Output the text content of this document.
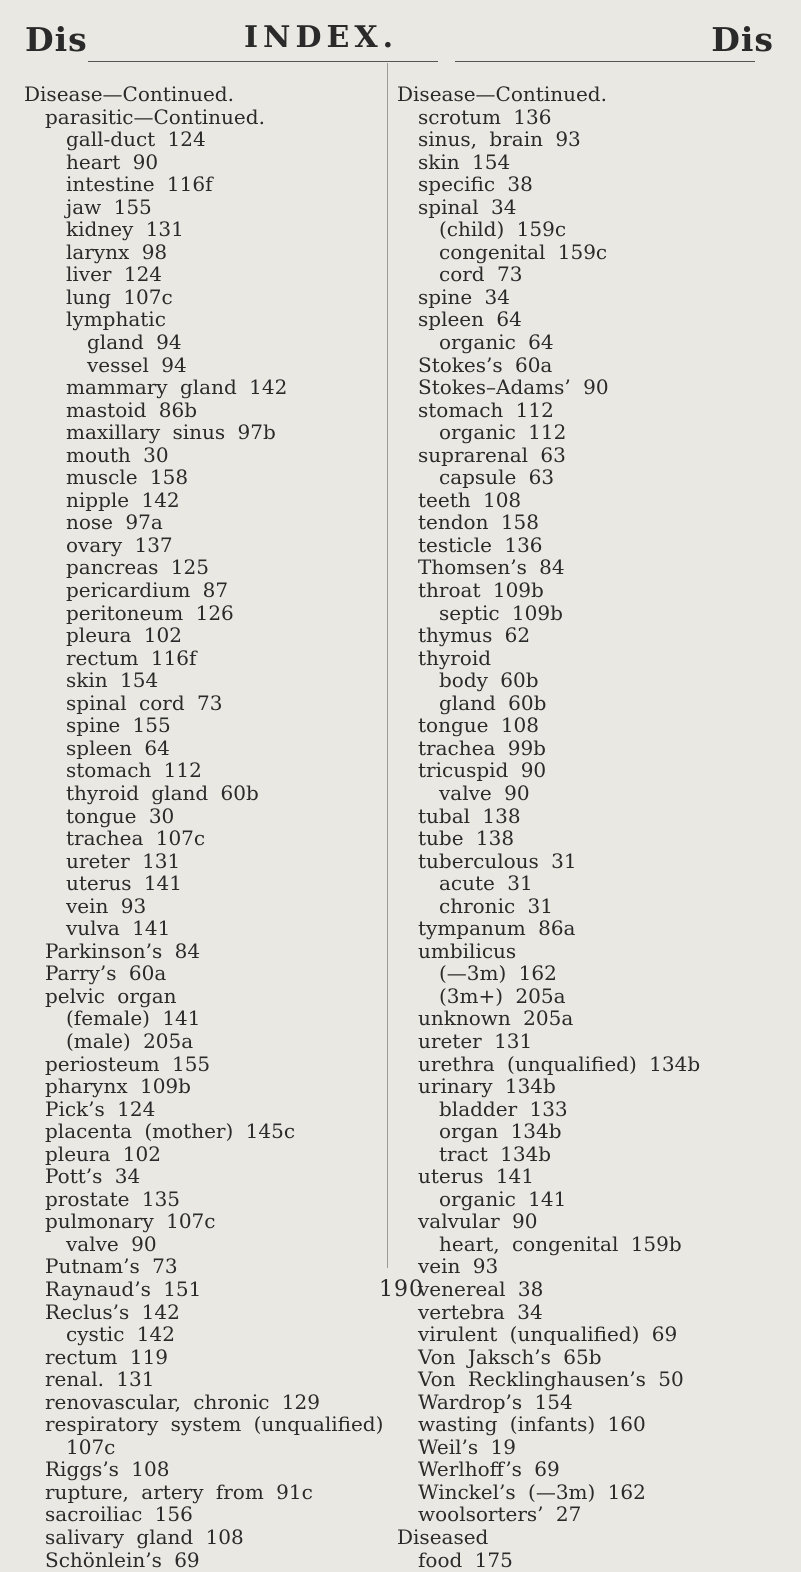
Dis	INDEX.	Dis
Disease—Continued.
parasitic—Continued.
gall-duct 124
heart 90
intestine 116f
jaw 155
kidney 131
larynx 98
liver 124
lung 107c
lymphatic
gland 94
vessel 94
mammary gland 142
mastoid 86b
maxillary sinus 97b
mouth 30
muscle 158
nipple 142
nose 97a
ovary 137
pancreas 125
pericardium 87
peritoneum 126
pleura 102
rectum 116f
skin 154
spinal cord 73
spine 155
spleen 64
stomach 112
thyroid gland 60b
tongue 30
trachea 107c
ureter 131
uterus 141
vein 93
vulva 141
Parkinson’s 84
Parry’s 60a
pelvic organ
(female) 141
(male) 205a
periosteum 155
pharynx 109b
Pick’s 124
placenta (mother) 145c
pleura 102
Pott’s 34
prostate 135
pulmonary 107c
valve 90
Putnam’s 73
Raynaud’s 151
Reclus’s 142
cystic 142
rectum 119
renal. 131
renovascular, chronic 129
respiratory system (unqualified)
107c
Riggs’s 108
rupture, artery from 91c
sacroiliac 156
salivary gland 108
Schönlein’s 69
Disease—Continued.
scrotum 136
sinus, brain 93
skin 154
specific 38
spinal 34
(child) 159c
congenital 159c
cord 73
spine 34
spleen 64
organic 64
Stokes’s 60a
Stokes–Adams’ 90
stomach 112
organic 112
suprarenal 63
capsule 63
teeth 108
tendon 158
testicle 136
Thomsen’s 84
throat 109b
septic 109b
thymus 62
thyroid
body 60b
gland 60b
tongue 108
trachea 99b
tricuspid 90
valve 90
tubal 138
tube 138
tuberculous 31
acute 31
chronic 31
tympanum 86a
umbilicus
(—3m) 162
(3m+) 205a
unknown 205a
ureter 131
urethra (unqualified) 134b
urinary 134b
bladder 133
organ 134b
tract 134b
uterus 141
organic 141
valvular 90
heart, congenital 159b
vein 93
venereal 38
vertebra 34
virulent (unqualified) 69
Von Jaksch’s 65b
Von Recklinghausen’s 50
Wardrop’s 154
wasting (infants) 160
Weil’s 19
Werlhoff’s 69
Winckel’s (—3m) 162
woolsorters’ 27
Diseased
food 175
190
